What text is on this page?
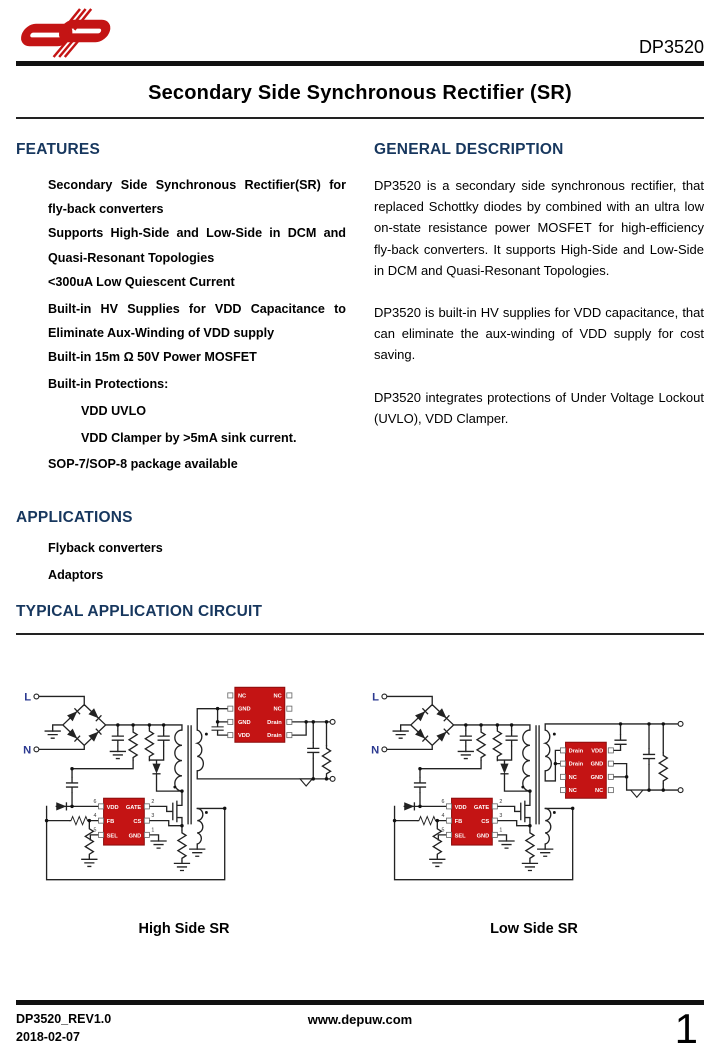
DP3520
Secondary Side Synchronous Rectifier (SR)
FEATURES
Secondary Side Synchronous Rectifier(SR) for fly-back converters
Supports High-Side and Low-Side in DCM and Quasi-Resonant Topologies
<300uA Low Quiescent Current
Built-in HV Supplies for VDD Capacitance to Eliminate Aux-Winding of VDD supply
Built-in 15m Ω 50V Power MOSFET
Built-in Protections:
VDD UVLO
VDD Clamper by >5mA sink current.
SOP-7/SOP-8 package available
APPLICATIONS
Flyback converters
Adaptors
GENERAL DESCRIPTION

DP3520 is a secondary side synchronous rectifier, that replaced Schottky diodes by combined with an ultra low on-state resistance power MOSFET for high-efficiency fly-back converters. It supports High-Side and Low-Side in DCM and Quasi-Resonant Topologies.

DP3520 is built-in HV supplies for VDD capacitance, that can eliminate the aux-winding of VDD supply for cost saving.

DP3520 integrates protections of Under Voltage Lockout (UVLO), VDD Clamper.

TYPICAL APPLICATION CIRCUIT
L
N
NC
GND
GND
VDD
NC
NC
Drain
Drain
VDD
FB
SEL
GATE
CS
GND
6
4
5
2
3
1
High Side SR
L
N	Drain
Drain
NC
NC
VDD
GND
GND
NC
VDD
FB
SEL
GATE
CS
GND
6
4
5
2
3
1
Low Side SR
DP3520_REV1.0
2018-02-07
www.depuw.com	1
